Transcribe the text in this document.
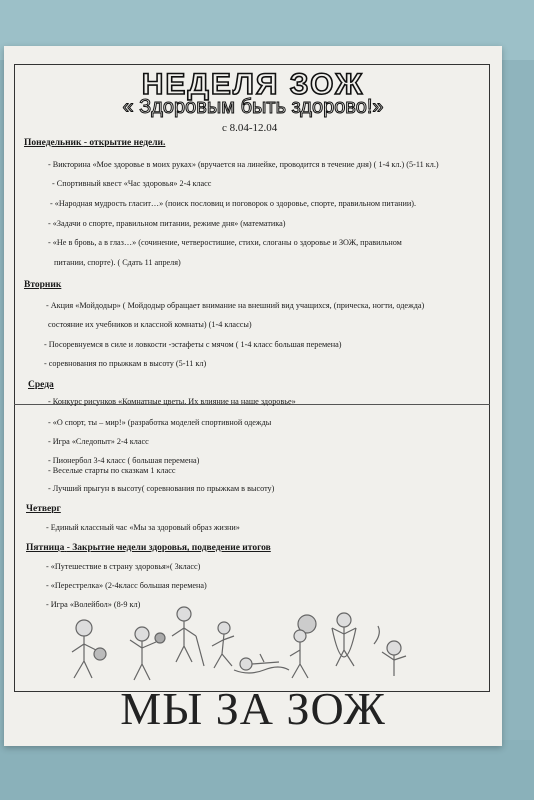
НЕДЕЛЯ ЗОЖ
« Здоровым быть здорово!»
с 8.04-12.04
Понедельник - открытие недели.
- Викторина «Мое здоровье в моих руках» (вручается на линейке, проводится в течение дня) ( 1-4 кл.) (5-11 кл.)
- Спортивный квест «Час здоровья» 2-4 класс
- «Народная мудрость гласит…» (поиск пословиц и поговорок о здоровье, спорте, правильном питании).
- «Задачи о спорте, правильном питании, режиме дня» (математика)
- «Не в бровь, а в глаз…» (сочинение, четверостишие, стихи, слоганы о здоровье и ЗОЖ, правильном
питании, спорте). ( Сдать 11 апреля)
Вторник
- Акция «Мойдодыр» ( Мойдодыр обращает внимание на внешний вид учащихся, (прическа, ногти, одежда)
состояние их учебников и классной комнаты) (1-4 классы)
- Посоревнуемся в силе и ловкости -эстафеты с мячом ( 1-4 класс большая перемена)
- соревнования по прыжкам в высоту (5-11 кл)
Среда
- Конкурс рисунков «Комнатные цветы. Их влияние на наше здоровье»
- «О спорт, ты – мир!» (разработка моделей спортивной одежды
- Игра «Следопыт» 2-4 класс
- Пионербол 3-4 класс ( большая перемена)
- Веселые старты по сказкам 1 класс
- Лучший прыгун в высоту( соревнования по прыжкам в высоту)
Четверг
- Единый классный час «Мы за здоровый образ жизни»
Пятница - Закрытие недели здоровья, подведение итогов
- «Путешествие в страну здоровья»( 3класс)
- «Перестрелка» (2-4класс большая перемена)
- Игра «Волейбол» (8-9 кл)
МЫ ЗА ЗОЖ
